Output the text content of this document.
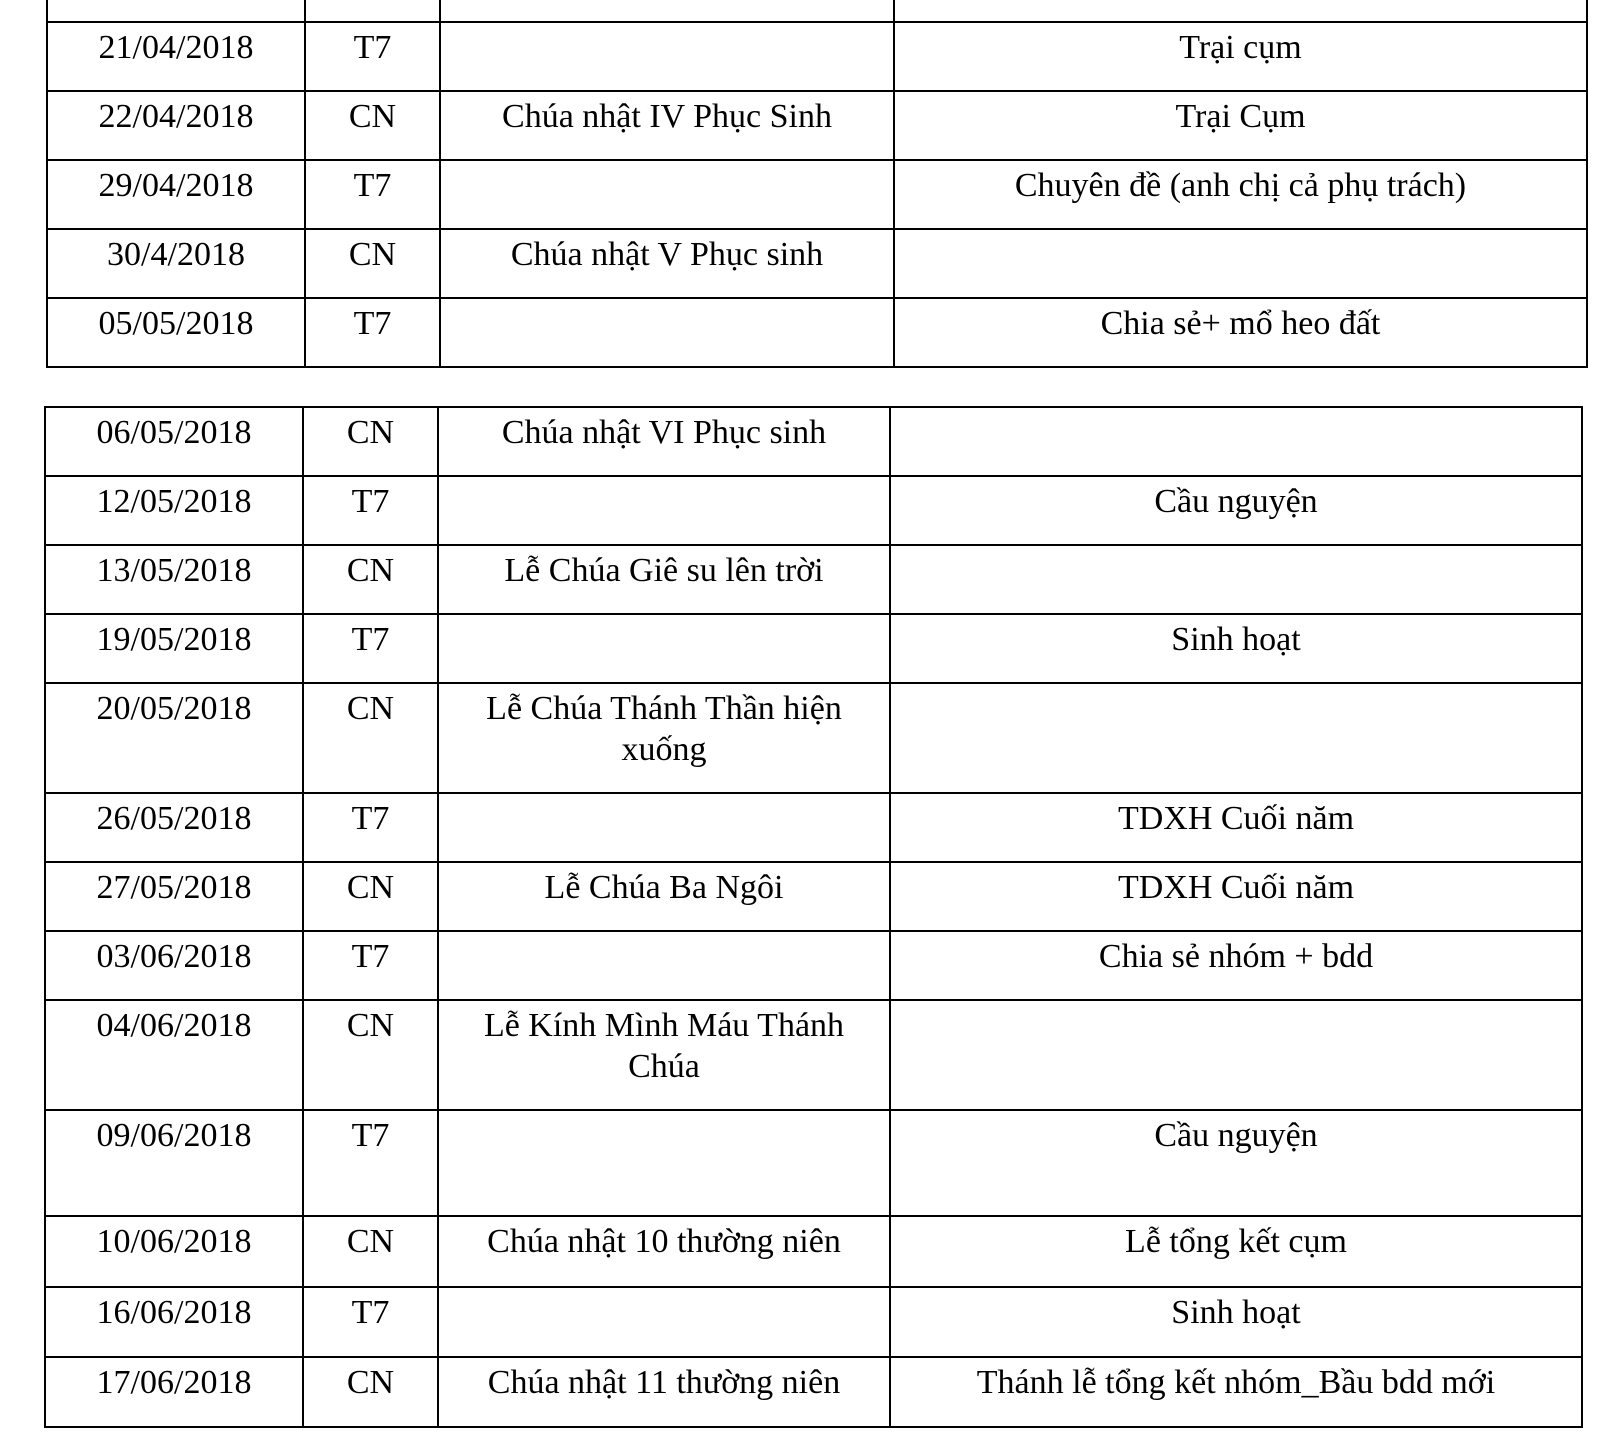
21/04/2018	T7		Trại cụm
22/04/2018	CN	Chúa nhật IV Phục Sinh	Trại Cụm
29/04/2018	T7		Chuyên đề (anh chị cả phụ trách)
30/4/2018	CN	Chúa nhật V Phục sinh	
05/05/2018	T7		Chia sẻ+ mổ heo đất
06/05/2018	CN	Chúa nhật VI Phục sinh	
12/05/2018	T7		Cầu nguyện
13/05/2018	CN	Lễ Chúa Giê su lên trời	
19/05/2018	T7		Sinh hoạt
20/05/2018	CN	Lễ Chúa Thánh Thần hiện xuống	
26/05/2018	T7		TDXH Cuối năm
27/05/2018	CN	Lễ Chúa Ba Ngôi	TDXH Cuối năm
03/06/2018	T7		Chia sẻ nhóm + bdd
04/06/2018	CN	Lễ Kính Mình Máu Thánh Chúa	
09/06/2018	T7		Cầu nguyện
10/06/2018	CN	Chúa nhật 10 thường niên	Lễ tổng kết cụm
16/06/2018	T7		Sinh hoạt
17/06/2018	CN	Chúa nhật 11 thường niên	Thánh lễ tổng kết nhóm_Bầu bdd mới
